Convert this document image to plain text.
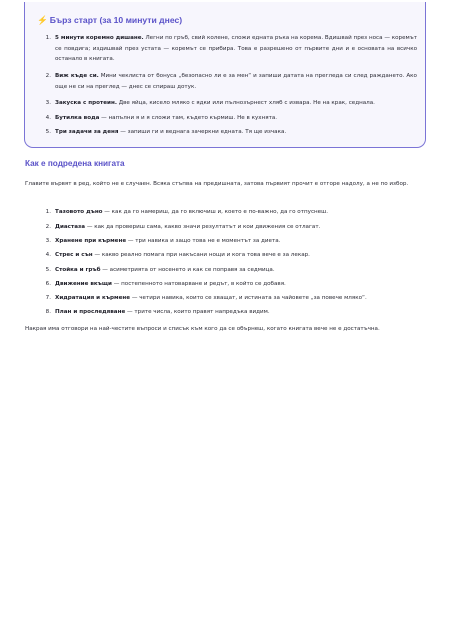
⚡ Бърз старт (за 10 минути днес)
1. 5 минути коремно дишане. Легни по гръб, свий колене, сложи едната ръка на корема. Вдишвай през носа — коремът се повдига; издишвай през устата — коремът се прибира. Това е разрешено от първите дни и е основата на всичко останало в книгата.
2. Виж къде си. Мини чеклиста от бонуса „безопасно ли е за мен“ и запиши датата на прегледа си след раждането. Ако още не си на преглед — днес се спираш дотук.
3. Закуска с протеин. Две яйца, кисело мляко с ядки или пълнозърнест хляб с извара. Не на крак, седнала.
4. Бутилка вода — напълни я и я сложи там, където кърмиш. Не в кухнята.
5. Три задачи за деня — запиши ги и веднага зачеркни едната. Тя ще изчака.
Как е подредена книгата

Главите вървят в ред, който не е случаен. Всяка стъпва на предишната, затова първият прочит е отгоре надолу, а не по избор.

1. Тазовото дъно — как да го намериш, да го включиш и, което е по-важно, да го отпуснеш.
2. Диастаза — как да провериш сама, какво значи резултатът и кои движения се отлагат.
3. Хранене при кърмене — три навика и защо това не е моментът за диета.
4. Стрес и сън — какво реално помага при накъсани нощи и кога това вече е за лекар.
5. Стойка и гръб — асиметрията от носенето и как се поправя за седмица.
6. Движение вкъщи — постепенното натоварване и редът, в който се добавя.
7. Хидратация и кърмене — четири навика, които се хващат, и истината за чайовете „за повече мляко“.
8. План и проследяване — трите числа, които правят напредъка видим.

Накрая има отговори на най-честите въпроси и списък към кого да се обърнеш, когато книгата вече не е достатъчна.
